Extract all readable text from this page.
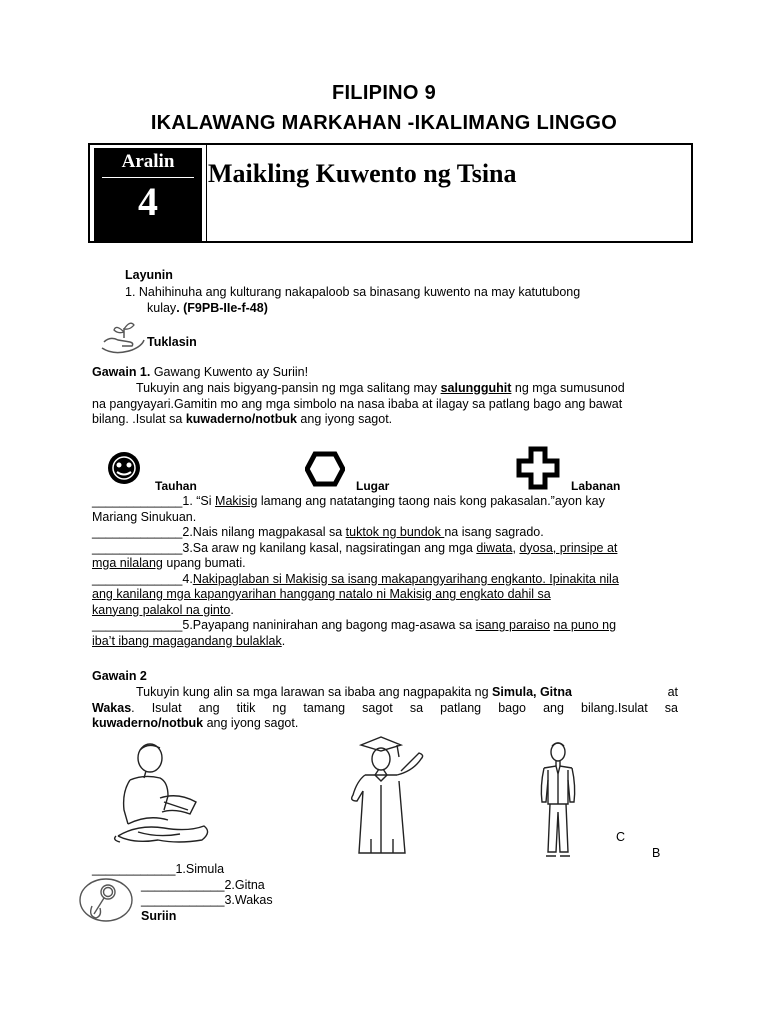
FILIPINO 9
IKALAWANG MARKAHAN -IKALIMANG LINGGO
Aralin
4
Maikling Kuwento ng Tsina
Layunin
1. Nahihinuha ang kulturang nakapaloob sa binasang kuwento na may katutubong
kulay. (F9PB-IIe-f-48)
Tuklasin
Gawain 1. Gawang Kuwento ay Suriin!
Tukuyin ang nais bigyang-pansin ng mga salitang may salungguhit ng mga sumusunod
na pangyayari.Gamitin mo ang mga simbolo na nasa ibaba at ilagay sa patlang bago ang bawat
bilang. .Isulat sa kuwaderno/notbuk ang iyong sagot.
Tauhan	Lugar	Labanan
_____________1. “Si Makisig lamang ang natatanging taong nais kong pakasalan.”ayon kay
Mariang Sinukuan.
_____________2.Nais nilang magpakasal sa tuktok ng bundok na isang sagrado.
_____________3.Sa araw ng kanilang kasal, nagsiratingan ang mga diwata, dyosa, prinsipe at
mga nilalang upang bumati.
_____________4.Nakipaglaban si Makisig sa isang makapangyarihang engkanto. Ipinakita nila
ang kanilang mga kapangyarihan hanggang natalo ni Makisig ang engkato dahil sa
kanyang palakol na ginto.
_____________5.Payapang naninirahan ang bagong mag-asawa sa isang paraiso na puno ng
iba’t ibang magagandang bulaklak.
Gawain 2
Tukuyin kung alin sa mga larawan sa ibaba ang nagpapakita ng Simula, Gitna	at
Wakas . Isulat ang titik ng tamang sagot sa patlang bago ang bilang.Isulat sa
kuwaderno/notbuk ang iyong sagot.
C
B
____________1.Simula
____________2.Gitna
____________3.Wakas
Suriin
